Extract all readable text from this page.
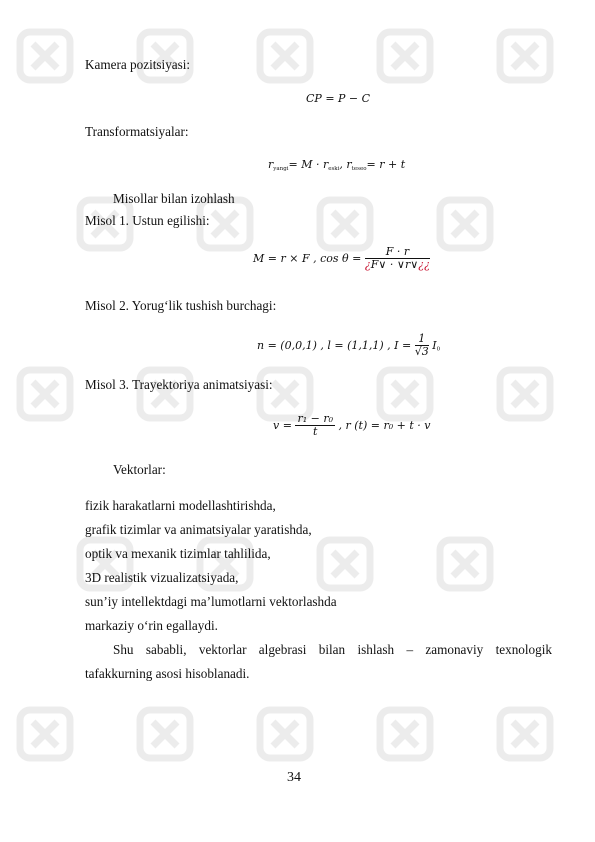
Kamera pozitsiyasi:
CP = P − C
Transformatsiyalar:
$r_{yangi}= M \cdot r_{eski}$, $r_{teseo}= r + t$
Misollar bilan izohlash
Misol 1. Ustun egilishi:
M = r × F , $\cos \theta = \frac{F \cdot r}{¿F\vee \cdot \vee r\vee¿¿}$
Misol 2. Yorug‘lik tushish burchagi:
n = (0,0,1) , l = (1,1,1) , $I = \frac{1}{√3} I_0$
Misol 3. Trayektoriya animatsiyasi:
$v = \frac{\text{r₁ − r₀}}{t}$ , r (t) = r₀ + t · v
Vektorlar:
fizik harakatlarni modellashtirishda,
grafik tizimlar va animatsiyalar yaratishda,
optik va mexanik tizimlar tahlilida,
3D realistik vizualizatsiyada,
sun’iy intellektdagi ma’lumotlarni vektorlashda
markaziy o‘rin egallaydi.
Shu sababli, vektorlar algebrasi bilan ishlash – zamonaviy texnologik
tafakkurning asosi hisoblanadi.
34
